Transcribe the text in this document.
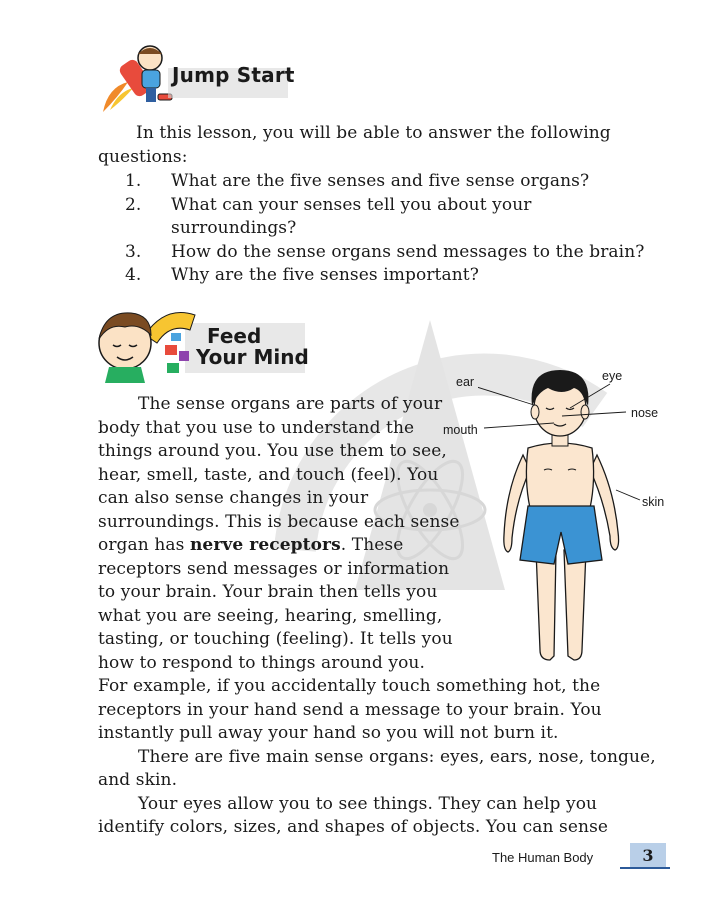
Jump Start
In this lesson, you will be able to answer the following questions:
1.	What are the five senses and five sense organs?
2.	What can your senses tell you about your surroundings?
3.	How do the sense organs send messages to the brain?
4.	Why are the five senses important?
Feed
Your Mind
ear
mouth
eye
nose
skin

The sense organs are parts of your body that you use to understand the things around you. You use them to see, hear, smell, taste, and touch (feel). You can also sense changes in your surroundings. This is because each sense organ has nerve receptors. These receptors send messages or information to your brain. Your brain then tells you what you are seeing, hearing, smelling, tasting, or touching (feeling). It tells you how to respond to things around you.

For example, if you accidentally touch something hot, the receptors in your hand send a message to your brain. You instantly pull away your hand so you will not burn it.

There are five main sense organs: eyes, ears, nose, tongue, and skin.

Your eyes allow you to see things. They can help you identify colors, sizes, and shapes of objects. You can sense

The Human Body	3
